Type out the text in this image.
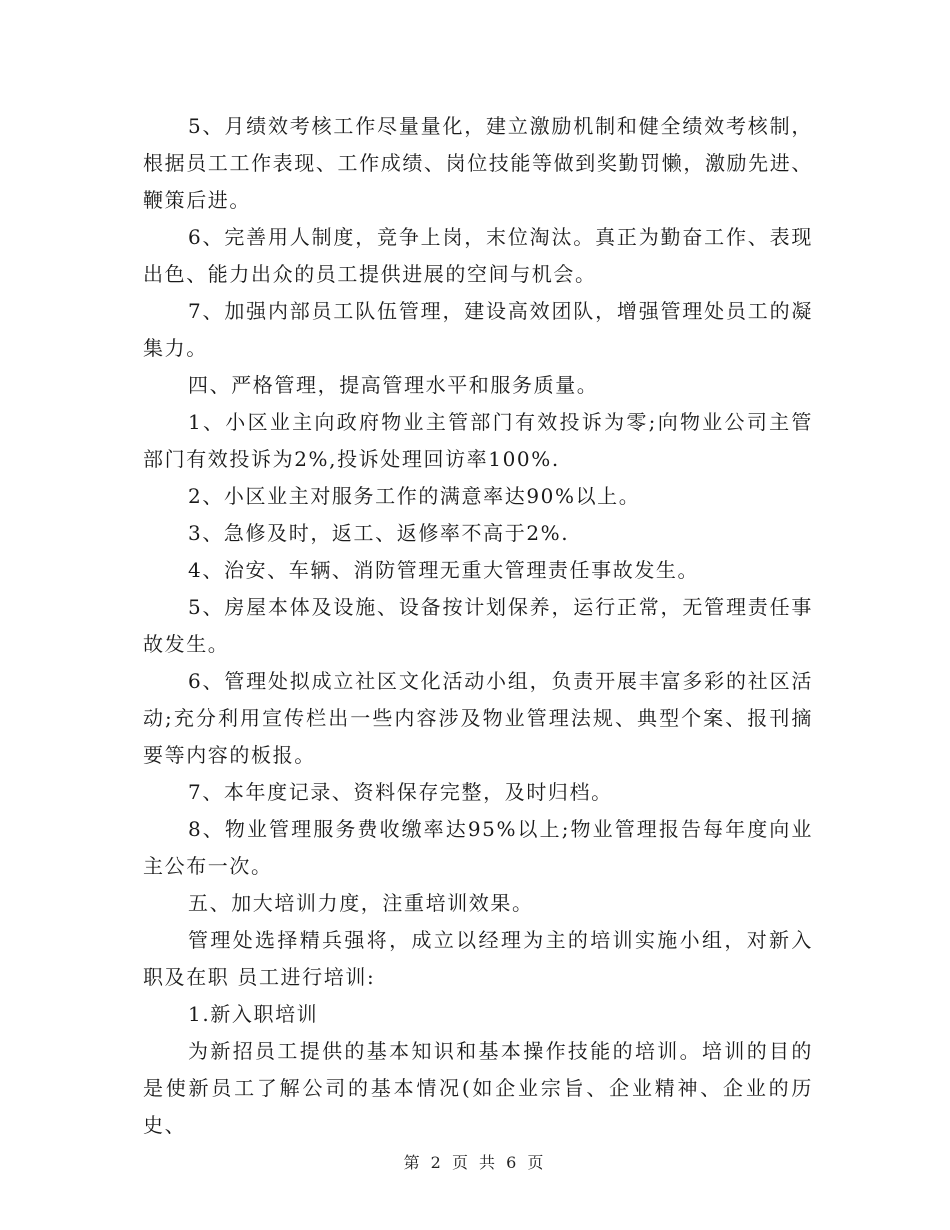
5、月绩效考核工作尽量量化，建立激励机制和健全绩效考核制，根据员工工作表现、工作成绩、岗位技能等做到奖勤罚懒，激励先进、鞭策后进。

6、完善用人制度，竞争上岗，末位淘汰。真正为勤奋工作、表现出色、能力出众的员工提供进展的空间与机会。

7、加强内部员工队伍管理，建设高效团队，增强管理处员工的凝集力。

四、严格管理，提高管理水平和服务质量。

1、小区业主向政府物业主管部门有效投诉为零;向物业公司主管部门有效投诉为2%,投诉处理回访率100%.

2、小区业主对服务工作的满意率达90%以上。

3、急修及时，返工、返修率不高于2%.

4、治安、车辆、消防管理无重大管理责任事故发生。

5、房屋本体及设施、设备按计划保养，运行正常，无管理责任事故发生。

6、管理处拟成立社区文化活动小组，负责开展丰富多彩的社区活动;充分利用宣传栏出一些内容涉及物业管理法规、典型个案、报刊摘要等内容的板报。

7、本年度记录、资料保存完整，及时归档。

8、物业管理服务费收缴率达95%以上;物业管理报告每年度向业主公布一次。

五、加大培训力度，注重培训效果。

管理处选择精兵强将，成立以经理为主的培训实施小组，对新入职及在职 员工进行培训:

1.新入职培训

为新招员工提供的基本知识和基本操作技能的培训。培训的目的是使新员工了解公司的基本情况(如企业宗旨、企业精神、企业的历史、

第 2 页 共 6 页
